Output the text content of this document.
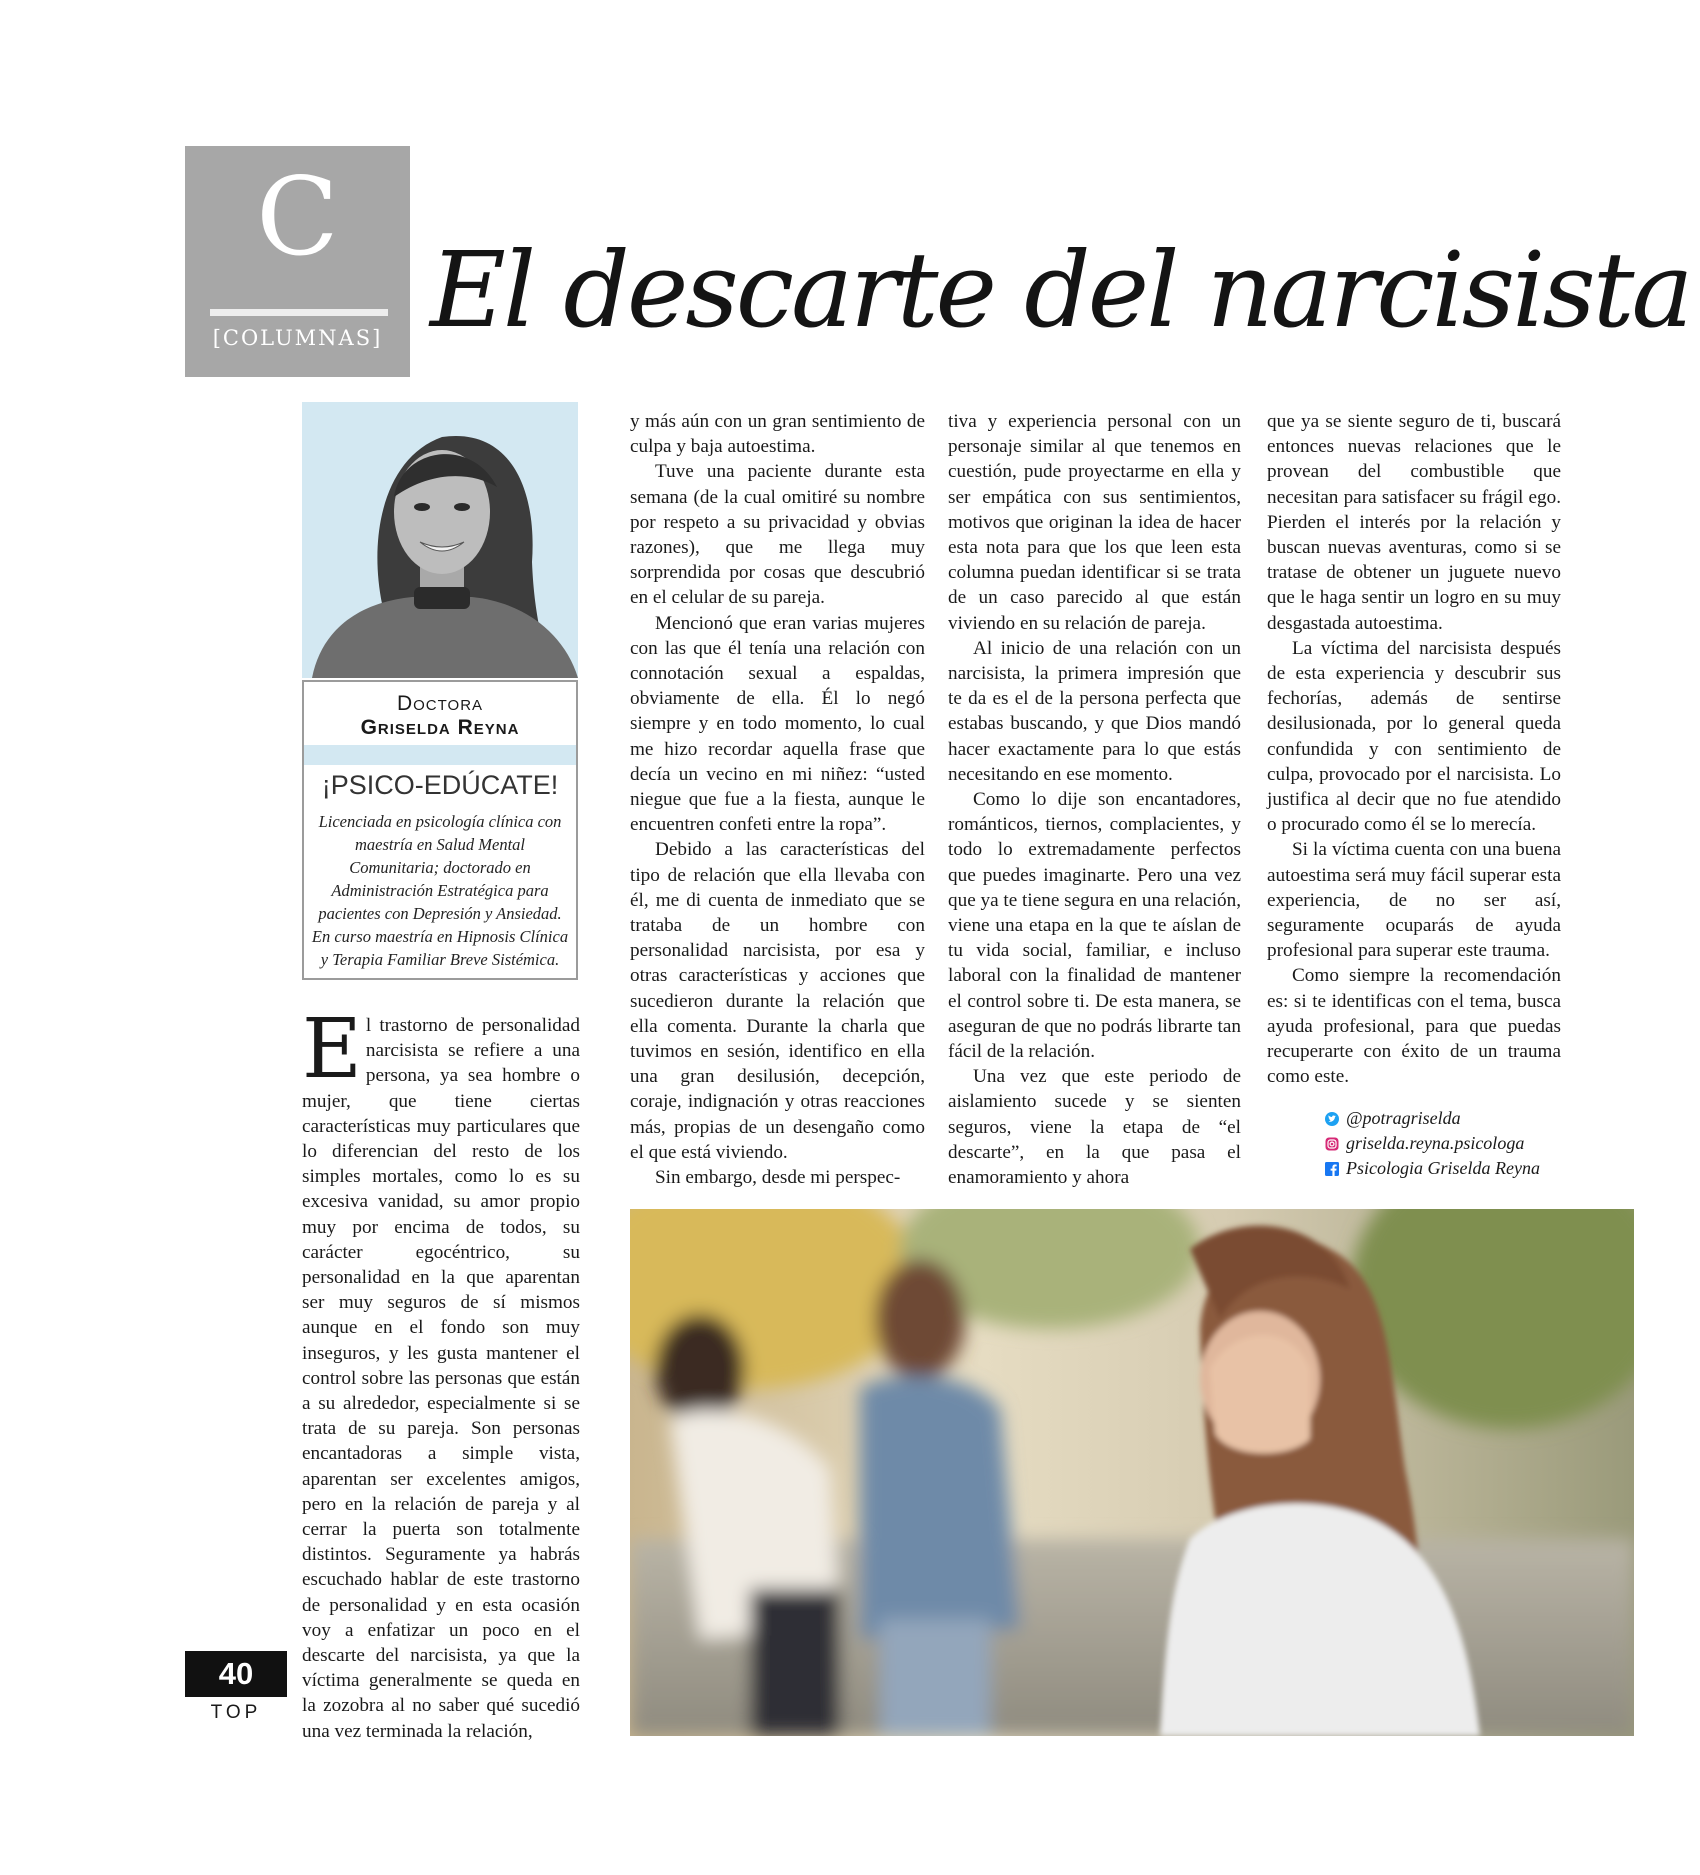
C
[COLUMNAS] El descarte del narcisista
Doctora
Griselda Reyna
¡PSICO-EDÚCATE!
Licenciada en psicología clínica con maestría en Salud Mental Comunitaria; doctorado en Administración Estratégica para pacientes con Depresión y Ansiedad. En curso maestría en Hipnosis Clínica y Terapia Familiar Breve Sistémica.

El trastorno de personalidad narcisista se refiere a una persona, ya sea hombre o mujer, que tiene ciertas características muy particulares que lo diferencian del resto de los simples mortales, como lo es su excesiva vanidad, su amor propio muy por encima de todos, su carácter egocéntrico, su personalidad en la que aparentan ser muy seguros de sí mismos aunque en el fondo son muy inseguros, y les gusta mantener el control sobre las personas que están a su alrededor, especialmente si se trata de su pareja. Son personas encantadoras a simple vista, aparentan ser excelentes amigos, pero en la relación de pareja y al cerrar la puerta son totalmente distintos. Seguramente ya habrás escuchado hablar de este trastorno de personalidad y en esta ocasión voy a enfatizar un poco en el descarte del narcisista, ya que la víctima generalmente se queda en la zozobra al no saber qué sucedió una vez terminada la relación,

y más aún con un gran sentimiento de culpa y baja autoestima.

Tuve una paciente durante esta semana (de la cual omitiré su nombre por respeto a su privacidad y obvias razones), que me llega muy sorprendida por cosas que descubrió en el celular de su pareja.

Mencionó que eran varias mujeres con las que él tenía una relación con connotación sexual a espaldas, obviamente de ella. Él lo negó siempre y en todo momento, lo cual me hizo recordar aquella frase que decía un vecino en mi niñez: “usted niegue que fue a la fiesta, aunque le encuentren confeti entre la ropa”.

Debido a las características del tipo de relación que ella llevaba con él, me di cuenta de inmediato que se trataba de un hombre con personalidad narcisista, por esa y otras características y acciones que sucedieron durante la relación que ella comenta. Durante la charla que tuvimos en sesión, identifico en ella una gran desilusión, decepción, coraje, indignación y otras reacciones más, propias de un desengaño como el que está viviendo.

Sin embargo, desde mi perspec-

tiva y experiencia personal con un personaje similar al que tenemos en cuestión, pude proyectarme en ella y ser empática con sus sentimientos, motivos que originan la idea de hacer esta nota para que los que leen esta columna puedan identificar si se trata de un caso parecido al que están viviendo en su relación de pareja.

Al inicio de una relación con un narcisista, la primera impresión que te da es el de la persona perfecta que estabas buscando, y que Dios mandó hacer exactamente para lo que estás necesitando en ese momento.

Como lo dije son encantadores, románticos, tiernos, complacientes, y todo lo extremadamente perfectos que puedes imaginarte. Pero una vez que ya te tiene segura en una relación, viene una etapa en la que te aíslan de tu vida social, familiar, e incluso laboral con la finalidad de mantener el control sobre ti. De esta manera, se aseguran de que no podrás librarte tan fácil de la relación.

Una vez que este periodo de aislamiento sucede y se sienten seguros, viene la etapa de “el descarte”, en la que pasa el enamoramiento y ahora

que ya se siente seguro de ti, buscará entonces nuevas relaciones que le provean del combustible que necesitan para satisfacer su frágil ego. Pierden el interés por la relación y buscan nuevas aventuras, como si se tratase de obtener un juguete nuevo que le haga sentir un logro en su muy desgastada autoestima.

La víctima del narcisista después de esta experiencia y descubrir sus fechorías, además de sentirse desilusionada, por lo general queda confundida y con sentimiento de culpa, provocado por el narcisista. Lo justifica al decir que no fue atendido o procurado como él se lo merecía.

Si la víctima cuenta con una buena autoestima será muy fácil superar esta experiencia, de no ser así, seguramente ocuparás de ayuda profesional para superar este trauma.

Como siempre la recomendación es: si te identificas con el tema, busca ayuda profesional, para que puedas recuperarte con éxito de un trauma como este.

@potragriselda
griselda.reyna.psicologa
Psicologia Griselda Reyna
40
TOP
